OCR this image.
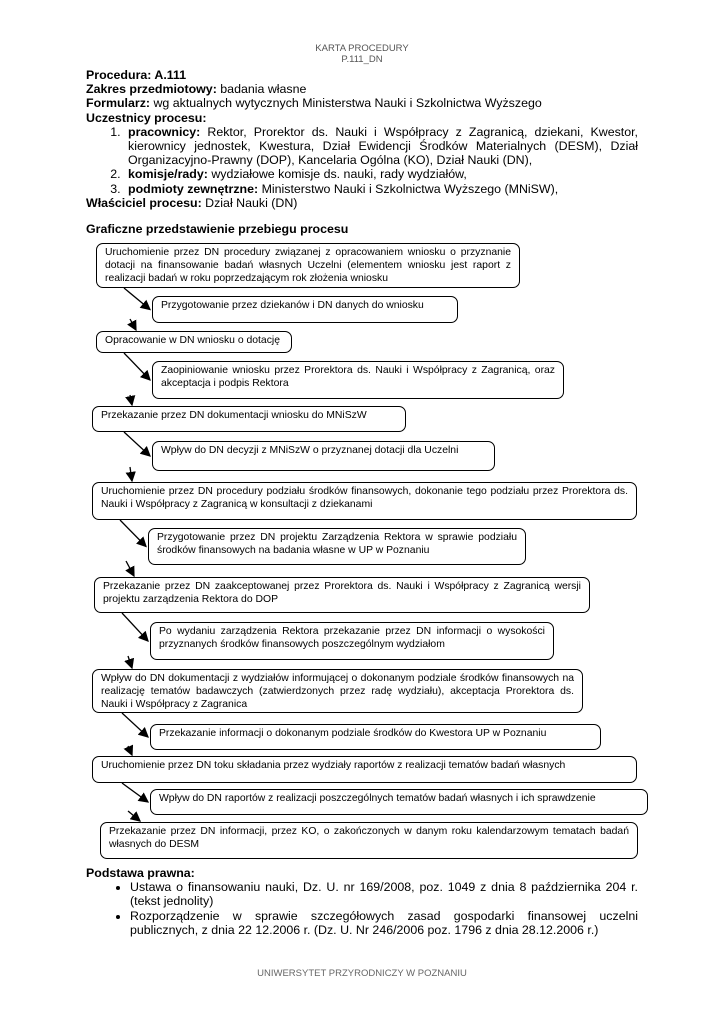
KARTA PROCEDURY
P.111_DN
Procedura: A.111
Zakres przedmiotowy: badania własne
Formularz: wg aktualnych wytycznych Ministerstwa Nauki i Szkolnictwa Wyższego
Uczestnicy procesu:
1. pracownicy: Rektor, Prorektor ds. Nauki i Współpracy z Zagranicą, dziekani, Kwestor, kierownicy jednostek, Kwestura, Dział Ewidencji Środków Materialnych (DESM), Dział Organizacyjno-Prawny (DOP), Kancelaria Ogólna (KO), Dział Nauki (DN),
2. komisje/rady: wydziałowe komisje ds. nauki, rady wydziałów,
3. podmioty zewnętrzne: Ministerstwo Nauki i Szkolnictwa Wyższego (MNiSW),
Właściciel procesu: Dział Nauki (DN)
Graficzne przedstawienie przebiegu procesu
Uruchomienie przez DN procedury związanej z opracowaniem wniosku o przyznanie dotacji na finansowanie badań własnych Uczelni (elementem wniosku jest raport z realizacji badań w roku poprzedzającym rok złożenia wniosku
Przygotowanie przez dziekanów i DN danych do wniosku
Opracowanie w DN wniosku o dotację
Zaopiniowanie wniosku przez Prorektora ds. Nauki i Współpracy z Zagranicą, oraz akceptacja i podpis Rektora
Przekazanie przez DN dokumentacji wniosku do MNiSzW
Wpływ do DN decyzji z MNiSzW o przyznanej dotacji dla Uczelni
Uruchomienie przez DN procedury podziału środków finansowych, dokonanie tego podziału przez Prorektora ds. Nauki i Współpracy z Zagranicą w konsultacji z dziekanami
Przygotowanie przez DN projektu Zarządzenia Rektora w sprawie podziału środków finansowych na badania własne w UP w Poznaniu
Przekazanie przez DN zaakceptowanej przez Prorektora ds. Nauki i Współpracy z Zagranicą wersji projektu zarządzenia Rektora do DOP
Po wydaniu zarządzenia Rektora przekazanie przez DN informacji o wysokości przyznanych środków finansowych poszczególnym wydziałom
Wpływ do DN dokumentacji z wydziałów informującej o dokonanym podziale środków finansowych na realizację tematów badawczych (zatwierdzonych przez radę wydziału), akceptacja Prorektora ds. Nauki i Współpracy z Zagranica
Przekazanie informacji o dokonanym podziale środków do Kwestora UP w Poznaniu
Uruchomienie przez DN toku składania przez wydziały raportów z realizacji tematów badań własnych
Wpływ do DN raportów z realizacji poszczególnych tematów badań własnych i ich sprawdzenie
Przekazanie przez DN informacji, przez KO, o zakończonych w danym roku kalendarzowym tematach badań własnych do DESM
Podstawa prawna:
• Ustawa o finansowaniu nauki, Dz. U. nr 169/2008, poz. 1049 z dnia 8 października 204 r. (tekst jednolity)
• Rozporządzenie w sprawie szczegółowych zasad gospodarki finansowej uczelni publicznych, z dnia 22 12.2006 r. (Dz. U. Nr 246/2006 poz. 1796 z dnia 28.12.2006 r.)
UNIWERSYTET PRZYRODNICZY W POZNANIU
